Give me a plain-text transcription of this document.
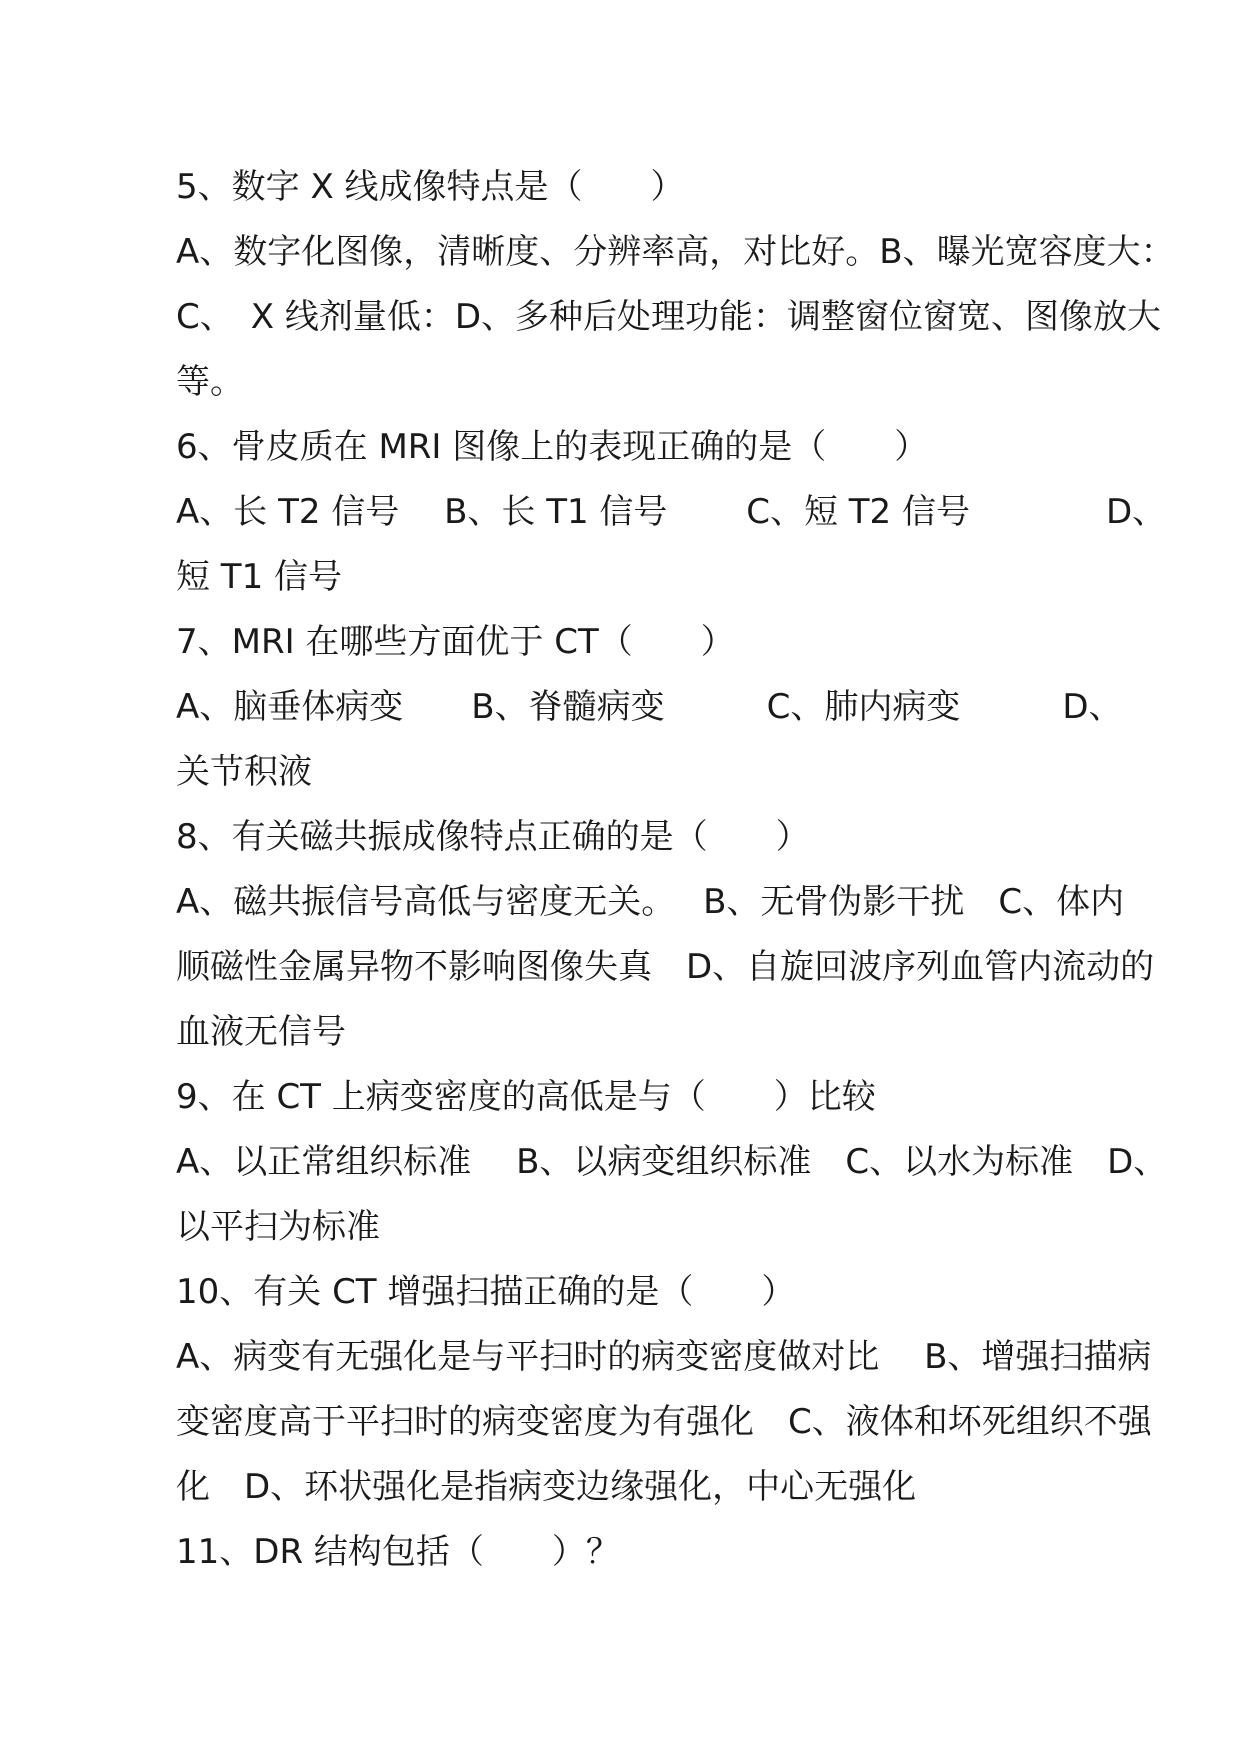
5、数字 X 线成像特点是（　　）
A、数字化图像，清晰度、分辨率高，对比好。B、曝光宽容度大：
C、　X 线剂量低：D、多种后处理功能：调整窗位窗宽、图像放大
等。
6、骨皮质在 MRI 图像上的表现正确的是（　　）
A、长 T2 信号　 B、长 T1 信号　　 C、短 T2 信号　　　　D、
短 T1 信号
7、MRI 在哪些方面优于 CT（　　）
A、脑垂体病变　　B、脊髓病变　　　C、肺内病变　　　D、
关节积液
8、有关磁共振成像特点正确的是（　　）
A、磁共振信号高低与密度无关。　 B、无骨伪影干扰　C、体内
顺磁性金属异物不影响图像失真　D、自旋回波序列血管内流动的
血液无信号
9、在 CT 上病变密度的高低是与（　　）比较
A、以正常组织标准　 B、以病变组织标准　C、以水为标准　D、
以平扫为标准
10、有关 CT 增强扫描正确的是（　　）
A、病变有无强化是与平扫时的病变密度做对比　 B、增强扫描病
变密度高于平扫时的病变密度为有强化　C、液体和坏死组织不强
化　D、环状强化是指病变边缘强化，中心无强化
11、DR 结构包括（　　）？
